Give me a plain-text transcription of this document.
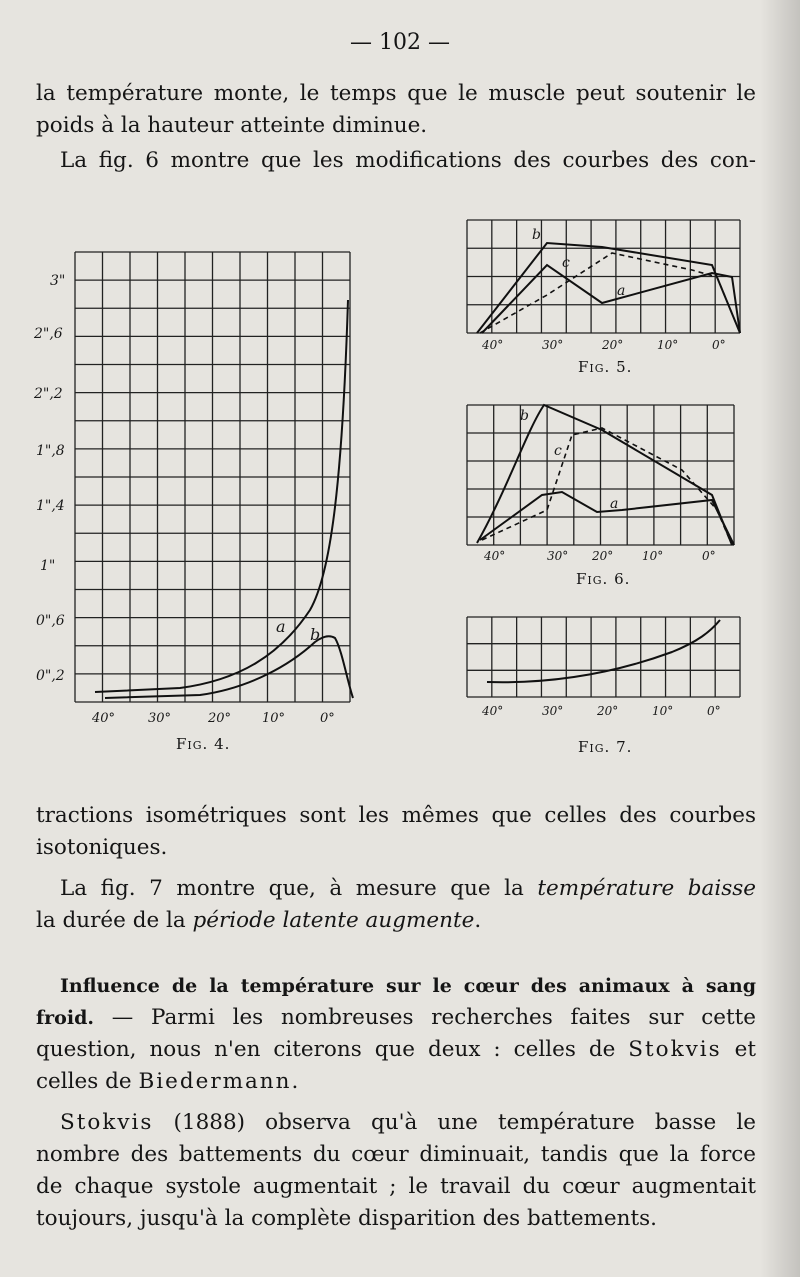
— 102 —
la température monte, le temps que le muscle peut soutenir le
poids à la hauteur atteinte diminue.
La fig. 6 montre que les modifications des courbes des con-
3"
2",6
2",2
1",8
1",4
1"
0",6
0",2
40°	30°	20° 10°	0°
a b
Fig. 4.
40°	30°	20°	10°	0°
b
c
a
Fig. 5.
40°	30° 20° 10°	0°
b
c
a
Fig. 6.
40°	30°	20°	10°	0°
Fig. 7.
tractions isométriques sont les mêmes que celles des courbes
isotoniques.
La fig. 7 montre que, à mesure que la température baisse
la durée de la période latente augmente.
Influence de la température sur le cœur des animaux à sang
froid. — Parmi les nombreuses recherches faites sur cette
question, nous n'en citerons que deux : celles de Stokvis et
celles de Biedermann.
Stokvis (1888) observa qu'à une température basse le
nombre des battements du cœur diminuait, tandis que la force
de chaque systole augmentait ; le travail du cœur augmentait
toujours, jusqu'à la complète disparition des battements.
